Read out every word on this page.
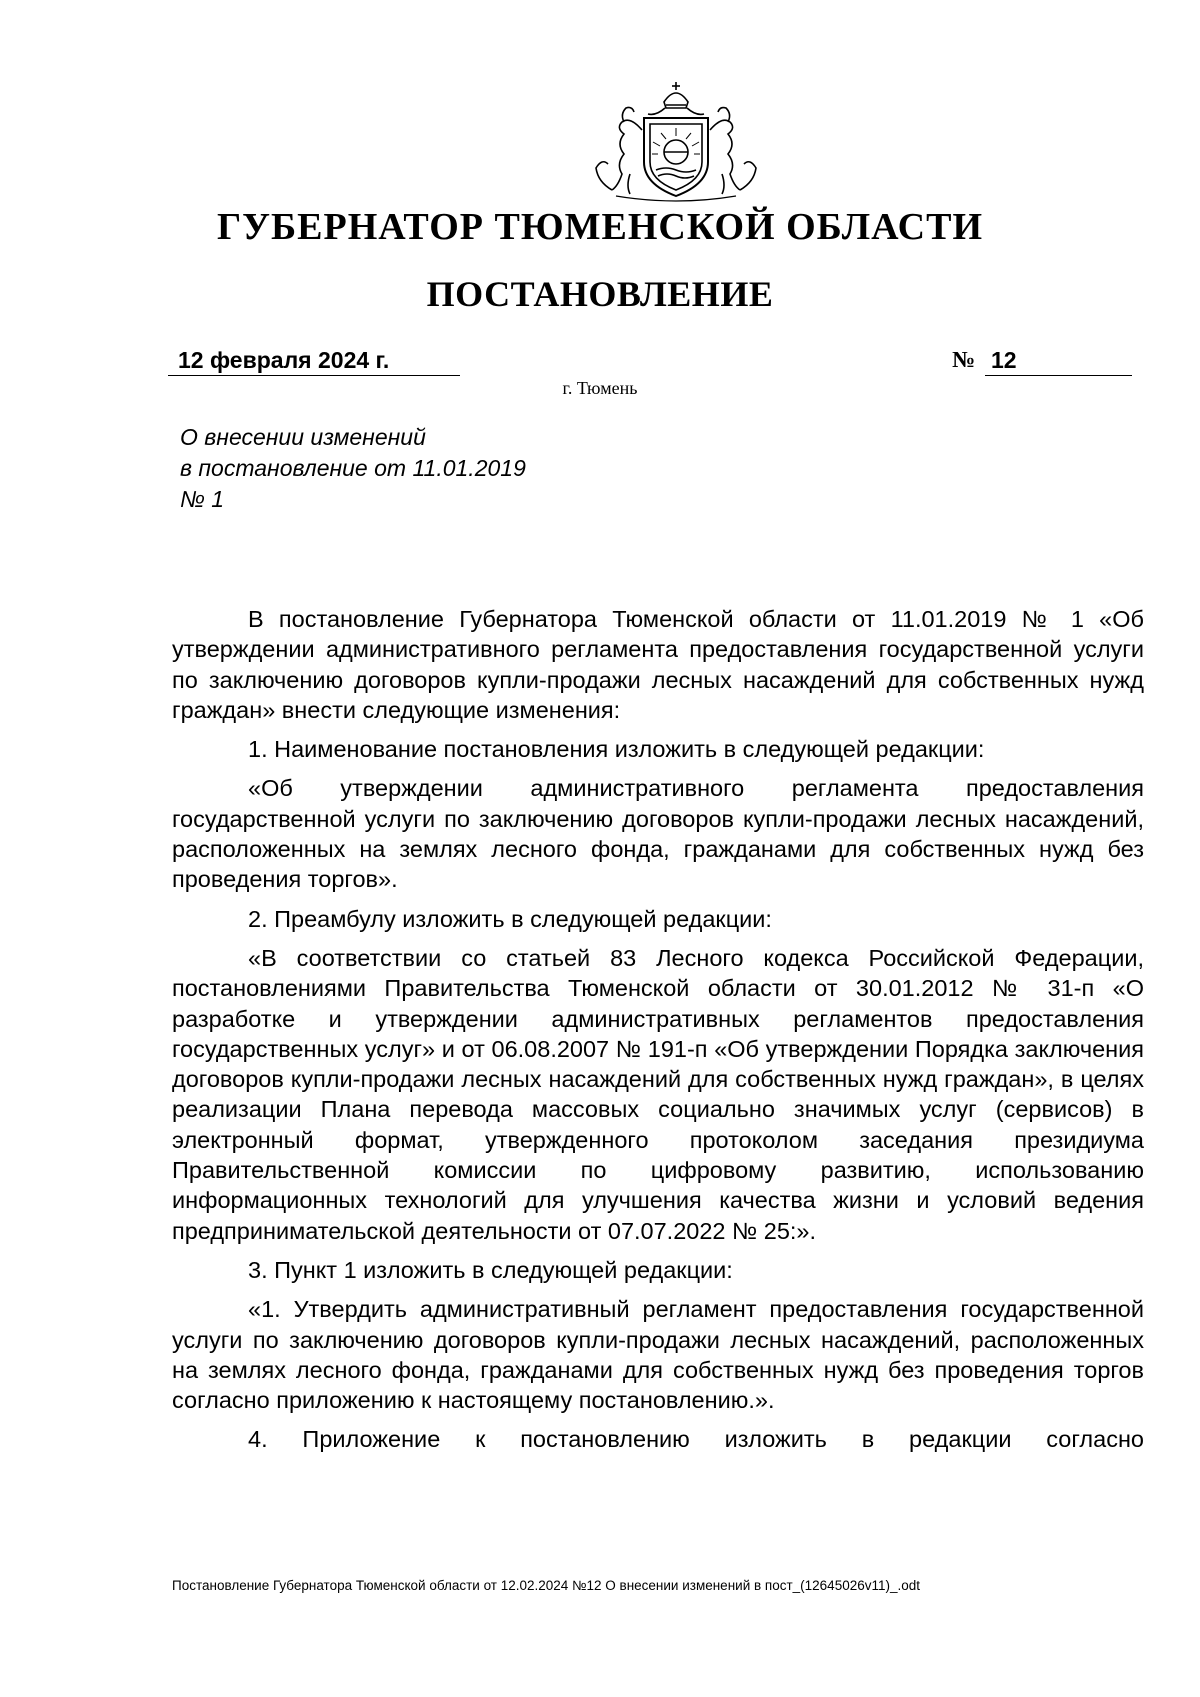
ГУБЕРНАТОР ТЮМЕНСКОЙ ОБЛАСТИ
ПОСТАНОВЛЕНИЕ
12 февраля 2024 г.	№ 12

г. Тюмень

О внесении изменений
в постановление от 11.01.2019
№ 1

В постановление Губернатора Тюменской области от 11.01.2019 № 1 «Об утверждении административного регламента предоставления государственной услуги по заключению договоров купли-продажи лесных насаждений для собственных нужд граждан» внести следующие изменения:

1. Наименование постановления изложить в следующей редакции:

«Об утверждении административного регламента предоставления государственной услуги по заключению договоров купли-продажи лесных насаждений, расположенных на землях лесного фонда, гражданами для собственных нужд без проведения торгов».

2. Преамбулу изложить в следующей редакции:

«В соответствии со статьей 83 Лесного кодекса Российской Федерации, постановлениями Правительства Тюменской области от 30.01.2012 № 31-п «О разработке и утверждении административных регламентов предоставления государственных услуг» и от 06.08.2007 № 191-п «Об утверждении Порядка заключения договоров купли-продажи лесных насаждений для собственных нужд граждан», в целях реализации Плана перевода массовых социально значимых услуг (сервисов) в электронный формат, утвержденного протоколом заседания президиума Правительственной комиссии по цифровому развитию, использованию информационных технологий для улучшения качества жизни и условий ведения предпринимательской деятельности от 07.07.2022 № 25:».

3. Пункт 1 изложить в следующей редакции:

«1. Утвердить административный регламент предоставления государственной услуги по заключению договоров купли-продажи лесных насаждений, расположенных на землях лесного фонда, гражданами для собственных нужд без проведения торгов согласно приложению к настоящему постановлению.».

4. Приложение к постановлению изложить в редакции согласно

Постановление Губернатора Тюменской области от 12.02.2024 №12 О внесении изменений в пост_(12645026v11)_.odt
